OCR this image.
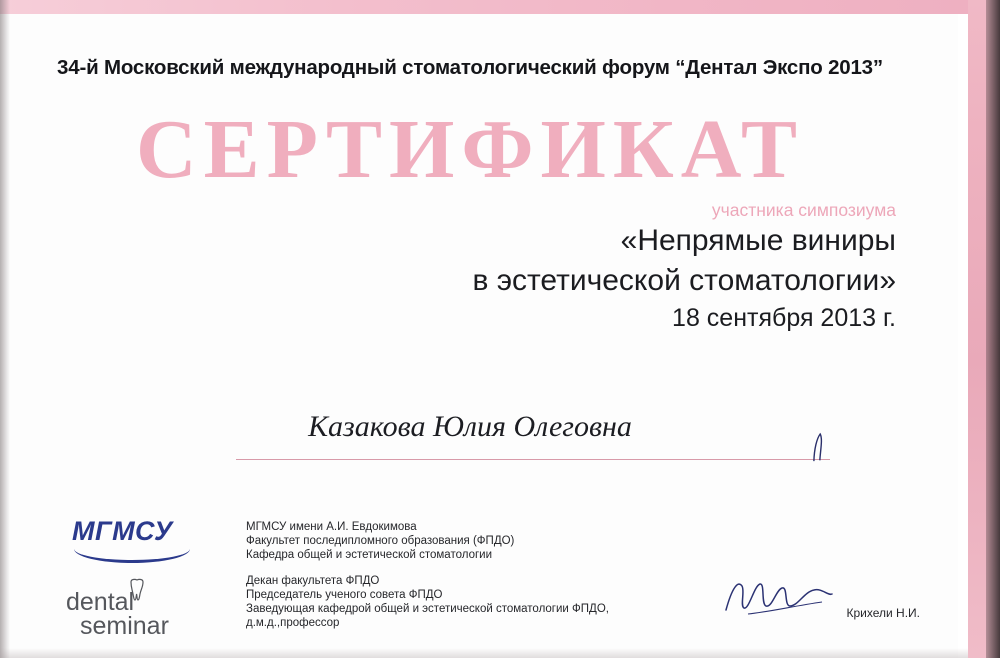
34-й Московский международный стоматологический форум “Дентал Экспо 2013”
СЕРТИФИКАТ
участника симпозиума
«Непрямые виниры
в эстетической стоматологии»
18 сентября 2013 г.
Казакова Юлия Олеговна
МГМСУ
dental
seminar
МГМСУ имени А.И. Евдокимова
Факультет последипломного образования (ФПДО)
Кафедра общей и эстетической стоматологии
Декан факультета ФПДО
Председатель ученого совета ФПДО
Заведующая кафедрой общей и эстетической стоматологии ФПДО,
д.м.д.,профессор
Крихели Н.И.
